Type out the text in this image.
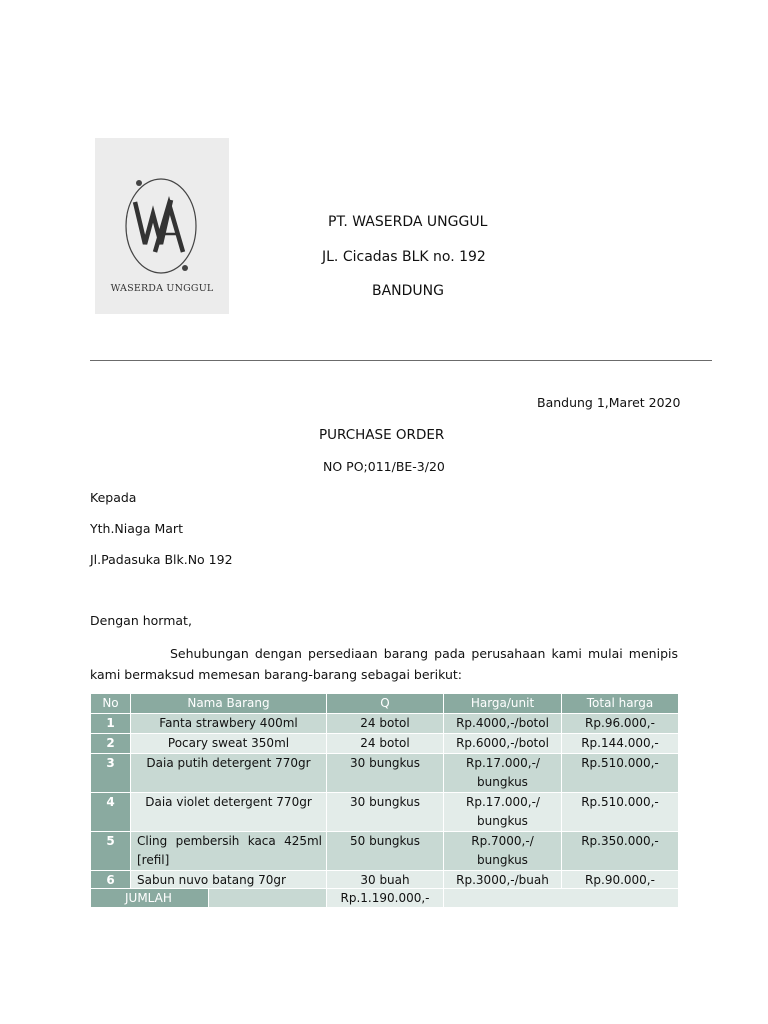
WASERDA UNGGUL
PT. WASERDA UNGGUL
JL. Cicadas BLK no. 192
BANDUNG
Bandung 1,Maret 2020
PURCHASE ORDER
NO PO;011/BE-3/20
Kepada
Yth.Niaga Mart
Jl.Padasuka Blk.No 192
Dengan hormat,
Sehubungan dengan persediaan barang pada perusahaan kami mulai menipis kami bermaksud memesan barang-barang sebagai berikut:
No	Nama Barang	Q	Harga/unit	Total harga
1	Fanta strawbery 400ml	24 botol	Rp.4000,-/botol	Rp.96.000,-
2	Pocary sweat 350ml	24 botol	Rp.6000,-/botol	Rp.144.000,-
3	Daia putih detergent 770gr	30 bungkus	Rp.17.000,-/ bungkus	Rp.510.000,-
4	Daia violet detergent 770gr	30 bungkus	Rp.17.000,-/ bungkus	Rp.510.000,-
5	Cling pembersih kaca 425ml [refil]	50 bungkus	Rp.7000,-/ bungkus	Rp.350.000,-
6	Sabun nuvo batang 70gr	30 buah	Rp.3000,-/buah	Rp.90.000,-
JUMLAH		Rp.1.190.000,-	
